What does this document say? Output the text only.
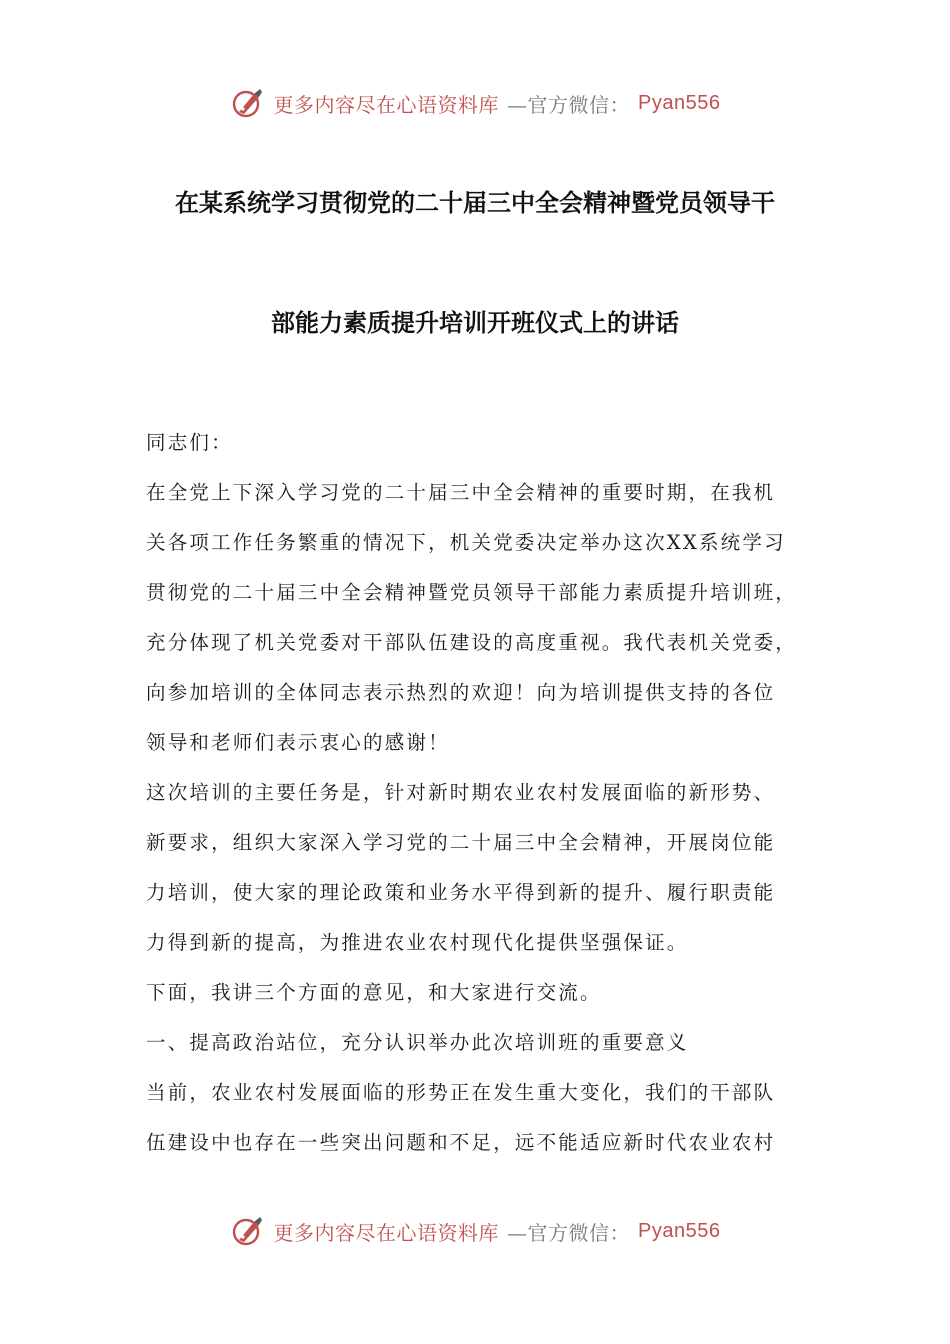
更多内容尽在心语资料库 —官方微信： Pyan556
在某系统学习贯彻党的二十届三中全会精神暨党员领导干
部能力素质提升培训开班仪式上的讲话

同志们：

在全党上下深入学习党的二十届三中全会精神的重要时期，在我机

关各项工作任务繁重的情况下，机关党委决定举办这次XX系统学习

贯彻党的二十届三中全会精神暨党员领导干部能力素质提升培训班，

充分体现了机关党委对干部队伍建设的高度重视。我代表机关党委，

向参加培训的全体同志表示热烈的欢迎！向为培训提供支持的各位

领导和老师们表示衷心的感谢！

这次培训的主要任务是，针对新时期农业农村发展面临的新形势、

新要求，组织大家深入学习党的二十届三中全会精神，开展岗位能

力培训，使大家的理论政策和业务水平得到新的提升、履行职责能

力得到新的提高，为推进农业农村现代化提供坚强保证。

下面，我讲三个方面的意见，和大家进行交流。

一、提高政治站位，充分认识举办此次培训班的重要意义

当前，农业农村发展面临的形势正在发生重大变化，我们的干部队

伍建设中也存在一些突出问题和不足，远不能适应新时代农业农村

更多内容尽在心语资料库 —官方微信： Pyan556
